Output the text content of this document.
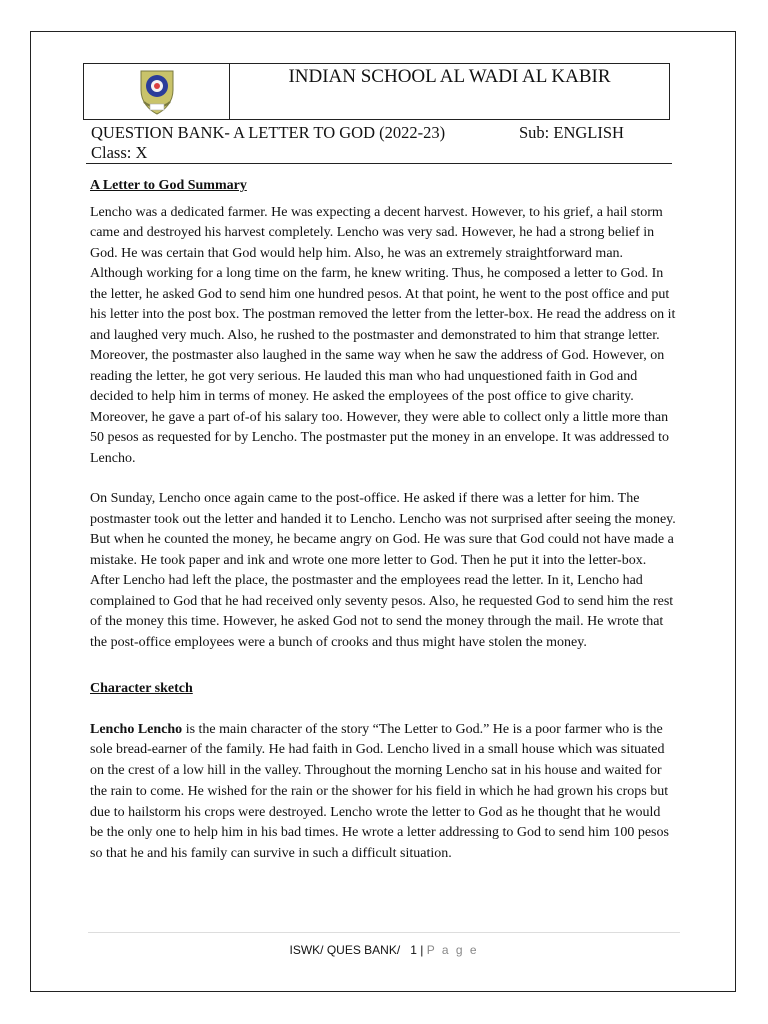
INDIAN SCHOOL AL WADI AL KABIR
QUESTION BANK- A LETTER TO GOD (2022-23)	Sub: ENGLISH
Class: X
A Letter to God Summary

Lencho was a dedicated farmer. He was expecting a decent harvest. However, to his grief, a hail storm came and destroyed his harvest completely. Lencho was very sad. However, he had a strong belief in God. He was certain that God would help him. Also, he was an extremely straightforward man. Although working for a long time on the farm, he knew writing. Thus, he composed a letter to God. In the letter, he asked God to send him one hundred pesos. At that point, he went to the post office and put his letter into the post box. The postman removed the letter from the letter-box. He read the address on it and laughed very much. Also, he rushed to the postmaster and demonstrated to him that strange letter. Moreover, the postmaster also laughed in the same way when he saw the address of God. However, on reading the letter, he got very serious. He lauded this man who had unquestioned faith in God and decided to help him in terms of money. He asked the employees of the post office to give charity. Moreover, he gave a part of-of his salary too. However, they were able to collect only a little more than 50 pesos as requested for by Lencho. The postmaster put the money in an envelope. It was addressed to Lencho.

On Sunday, Lencho once again came to the post-office. He asked if there was a letter for him. The postmaster took out the letter and handed it to Lencho. Lencho was not surprised after seeing the money. But when he counted the money, he became angry on God. He was sure that God could not have made a mistake. He took paper and ink and wrote one more letter to God. Then he put it into the letter-box. After Lencho had left the place, the postmaster and the employees read the letter. In it, Lencho had complained to God that he had received only seventy pesos. Also, he requested God to send him the rest of the money this time. However, he asked God not to send the money through the mail. He wrote that the post-office employees were a bunch of crooks and thus might have stolen the money.

Character sketch

Lencho Lencho is the main character of the story “The Letter to God.” He is a poor farmer who is the sole bread-earner of the family. He had faith in God. Lencho lived in a small house which was situated on the crest of a low hill in the valley. Throughout the morning Lencho sat in his house and waited for the rain to come. He wished for the rain or the shower for his field in which he had grown his crops but due to hailstorm his crops were destroyed. Lencho wrote the letter to God as he thought that he would be the only one to help him in his bad times. He wrote a letter addressing to God to send him 100 pesos so that he and his family can survive in such a difficult situation.

ISWK/ QUES BANK/ 1 | P a g e
